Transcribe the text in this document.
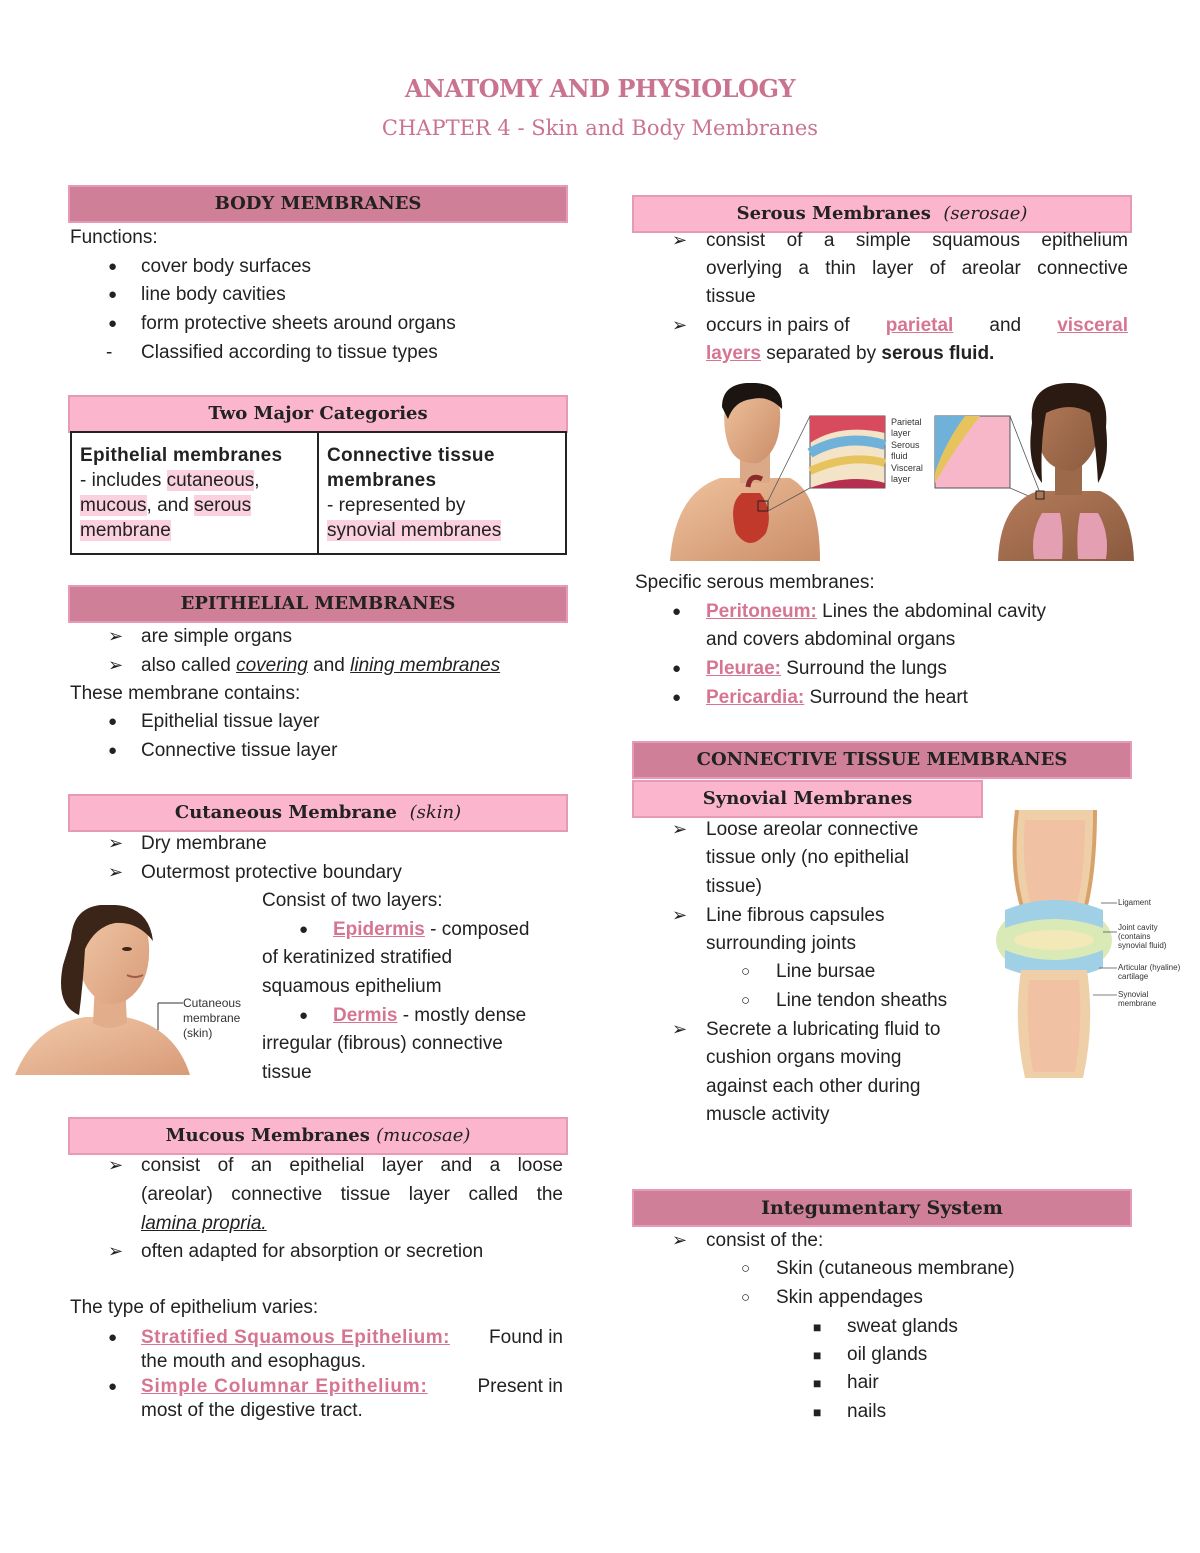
ANATOMY AND PHYSIOLOGY
CHAPTER 4 - Skin and Body Membranes
BODY MEMBRANES
Functions:
● cover body surfaces
● line body cavities
● form protective sheets around organs
- Classified according to tissue types
Two Major Categories
Epithelial membranes
- includes cutaneous,
mucous, and serous
membrane

Connective tissue
membranes
- represented by
synovial membranes
EPITHELIAL MEMBRANES
➢ are simple organs
➢ also called covering and lining membranes
These membrane contains:
● Epithelial tissue layer
● Connective tissue layer
Cutaneous Membrane (skin)
➢ Dry membrane
➢ Outermost protective boundary
Consist of two layers:
● Epidermis - composed
of keratinized stratified
squamous epithelium
● Dermis - mostly dense
irregular (fibrous) connective
tissue
Cutaneous
membrane
(skin)
Mucous Membranes (mucosae)
➢ consist of an epithelial layer and a loose
(areolar) connective tissue layer called the
lamina propria.
➢ often adapted for absorption or secretion
The type of epithelium varies:
● Stratified Squamous Epithelium: Found in
the mouth and esophagus.
● Simple Columnar Epithelium:	Present in
most of the digestive tract.
Serous Membranes (serosae)
➢ consist of a simple squamous epithelium
overlying a thin layer of areolar connective
tissue
➢ occurs in pairs of parietal and visceral
layers separated by serous fluid.
Parietal
layer
Serous
fluid
Visceral
layer
Specific serous membranes:
● Peritoneum: Lines the abdominal cavity
and covers abdominal organs
● Pleurae: Surround the lungs
● Pericardia: Surround the heart
CONNECTIVE TISSUE MEMBRANES
Synovial Membranes
➢ Loose areolar connective
tissue only (no epithelial
tissue)
➢ Line fibrous capsules
surrounding joints
○ Line bursae
○ Line tendon sheaths
➢ Secrete a lubricating fluid to
cushion organs moving
against each other during
muscle activity
Ligament
Joint cavity
(contains
synovial fluid)
Articular (hyaline)
cartilage
Synovial
membrane
Integumentary System
➢ consist of the:
○ Skin (cutaneous membrane)
○ Skin appendages
■ sweat glands
■ oil glands
■ hair
■ nails
